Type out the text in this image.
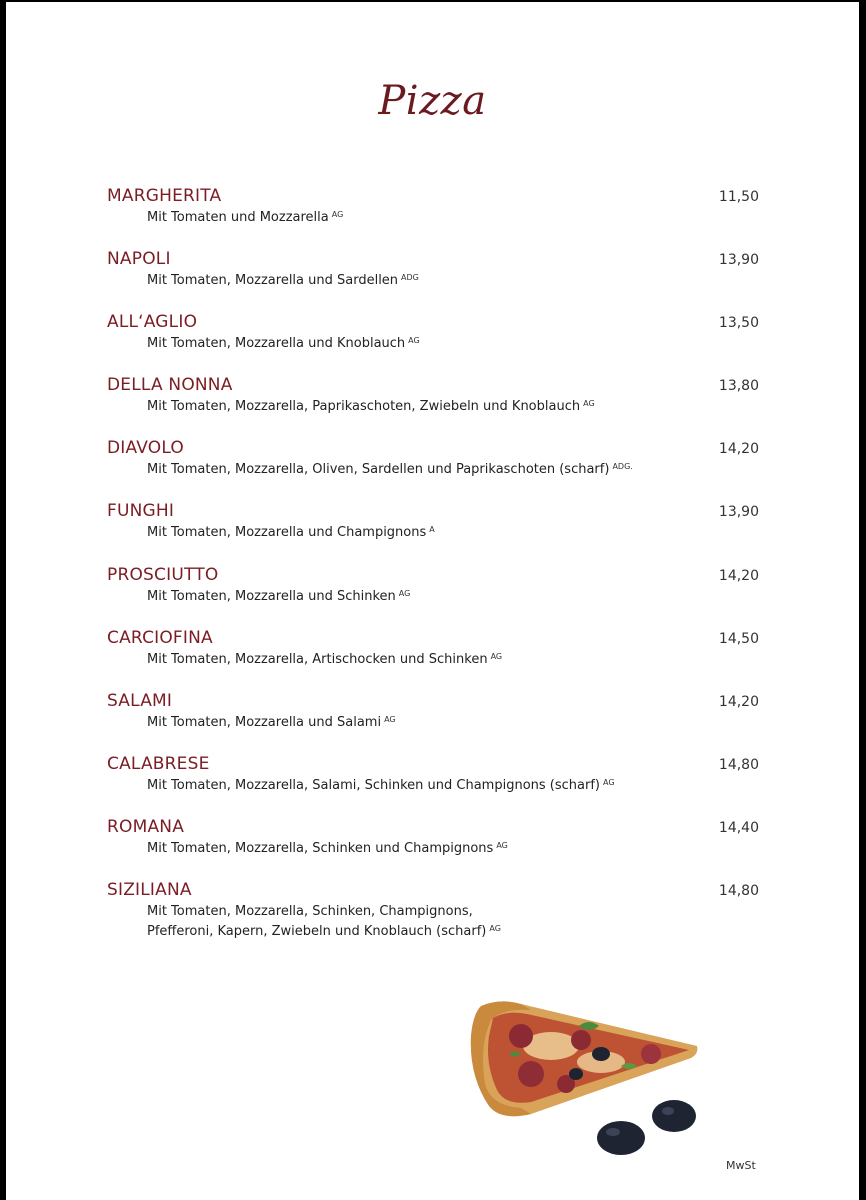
Pizza
MARGHERITA	11,50
Mit Tomaten und Mozzarella $^{AG}$
NAPOLI	13,90
Mit Tomaten, Mozzarella und Sardellen $^{ADG}$
ALL‘AGLIO	13,50
Mit Tomaten, Mozzarella und Knoblauch $^{AG}$
DELLA NONNA	13,80
Mit Tomaten, Mozzarella, Paprikaschoten, Zwiebeln und Knoblauch $^{AG}$
DIAVOLO	14,20
Mit Tomaten, Mozzarella, Oliven, Sardellen und Paprikaschoten (scharf) $^{ADG.}$
FUNGHI	13,90
Mit Tomaten, Mozzarella und Champignons $^A$
PROSCIUTTO	14,20
Mit Tomaten, Mozzarella und Schinken $^{AG}$
CARCIOFINA	14,50
Mit Tomaten, Mozzarella, Artischocken und Schinken $^{AG}$
SALAMI	14,20
Mit Tomaten, Mozzarella und Salami $^{AG}$
CALABRESE	14,80
Mit Tomaten, Mozzarella, Salami, Schinken und Champignons (scharf) $^{AG}$
ROMANA	14,40
Mit Tomaten, Mozzarella, Schinken und Champignons $^{AG}$
SIZILIANA	14,80
Mit Tomaten, Mozzarella, Schinken, Champignons,
Pfefferoni, Kapern, Zwiebeln und Knoblauch (scharf) $^{AG}$
MwSt
